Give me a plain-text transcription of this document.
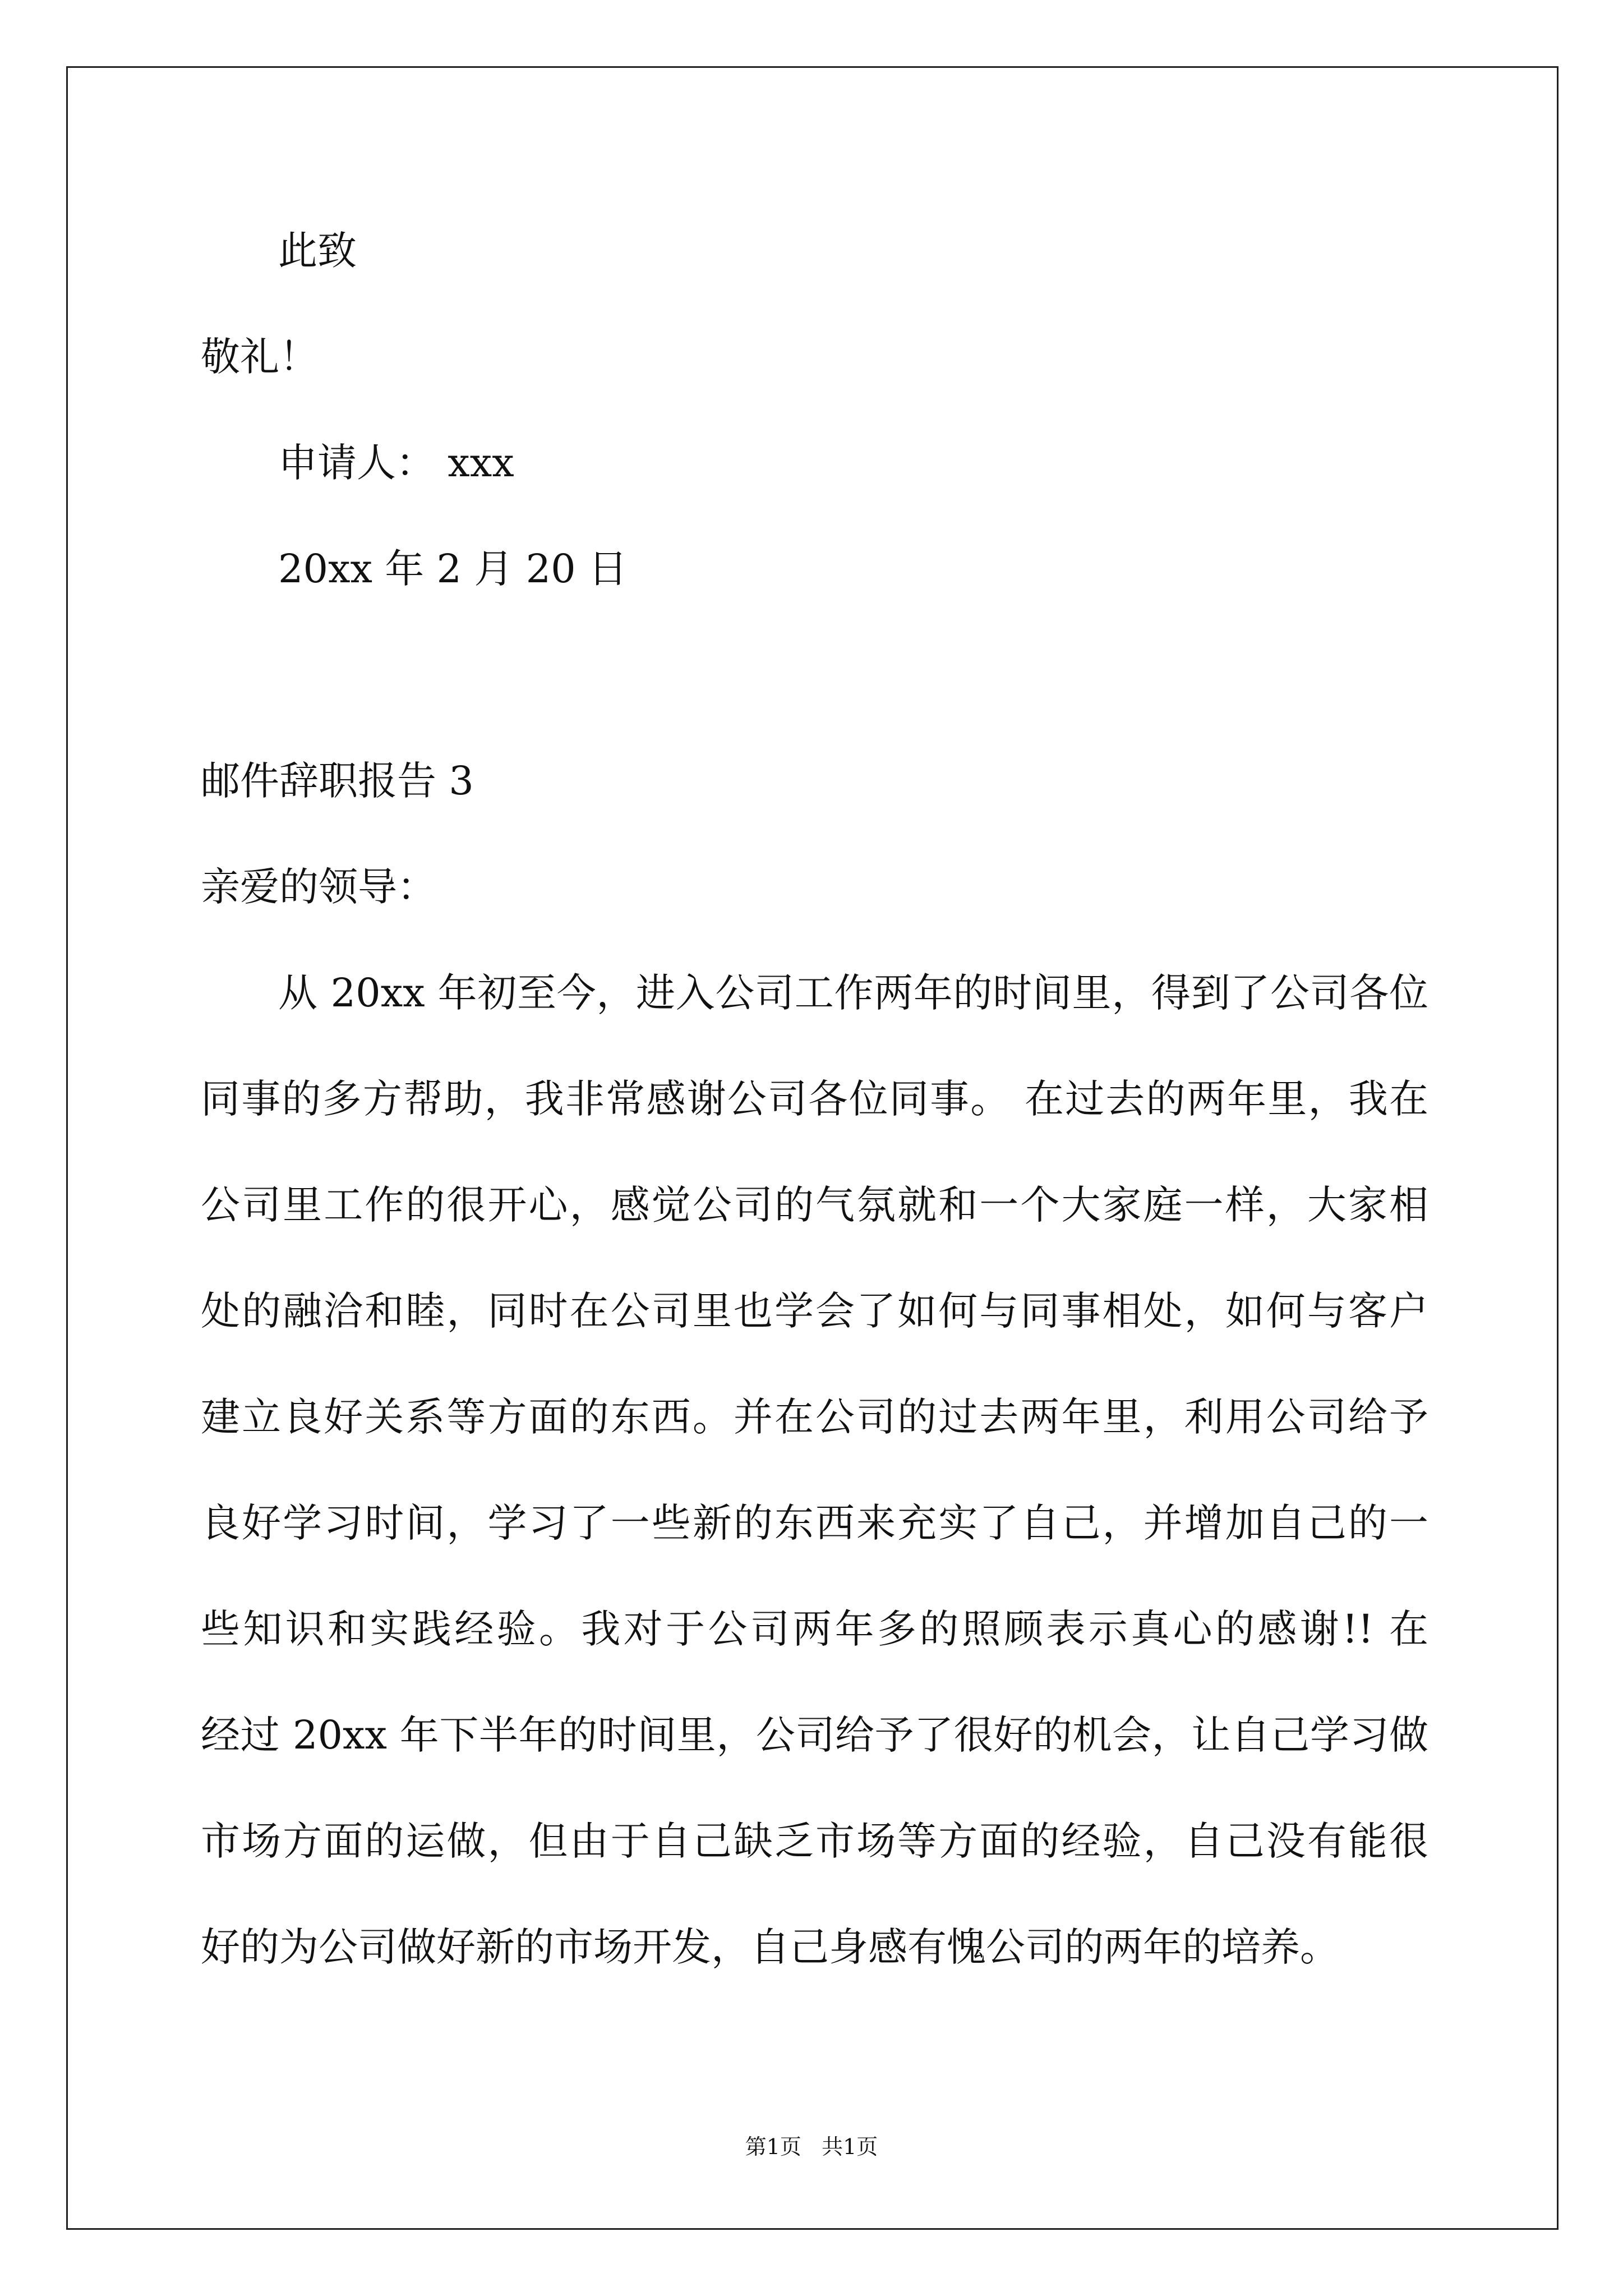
此致
敬礼！
申请人： xxx
20xx 年 2 月 20 日
邮件辞职报告 3
亲爱的领导：
从 20xx 年初至今，进入公司工作两年的时间里，得到了公司各位
同事的多方帮助，我非常感谢公司各位同事。 在过去的两年里，我在
公司里工作的很开心，感觉公司的气氛就和一个大家庭一样，大家相
处的融洽和睦，同时在公司里也学会了如何与同事相处，如何与客户
建立良好关系等方面的东西。并在公司的过去两年里，利用公司给予
良好学习时间，学习了一些新的东西来充实了自己，并增加自己的一
些知识和实践经验。我对于公司两年多的照顾表示真心的感谢!! 在
经过 20xx 年下半年的时间里，公司给予了很好的机会，让自己学习做
市场方面的运做，但由于自己缺乏市场等方面的经验，自己没有能很
好的为公司做好新的市场开发，自己身感有愧公司的两年的培养。
第1页   共1页
